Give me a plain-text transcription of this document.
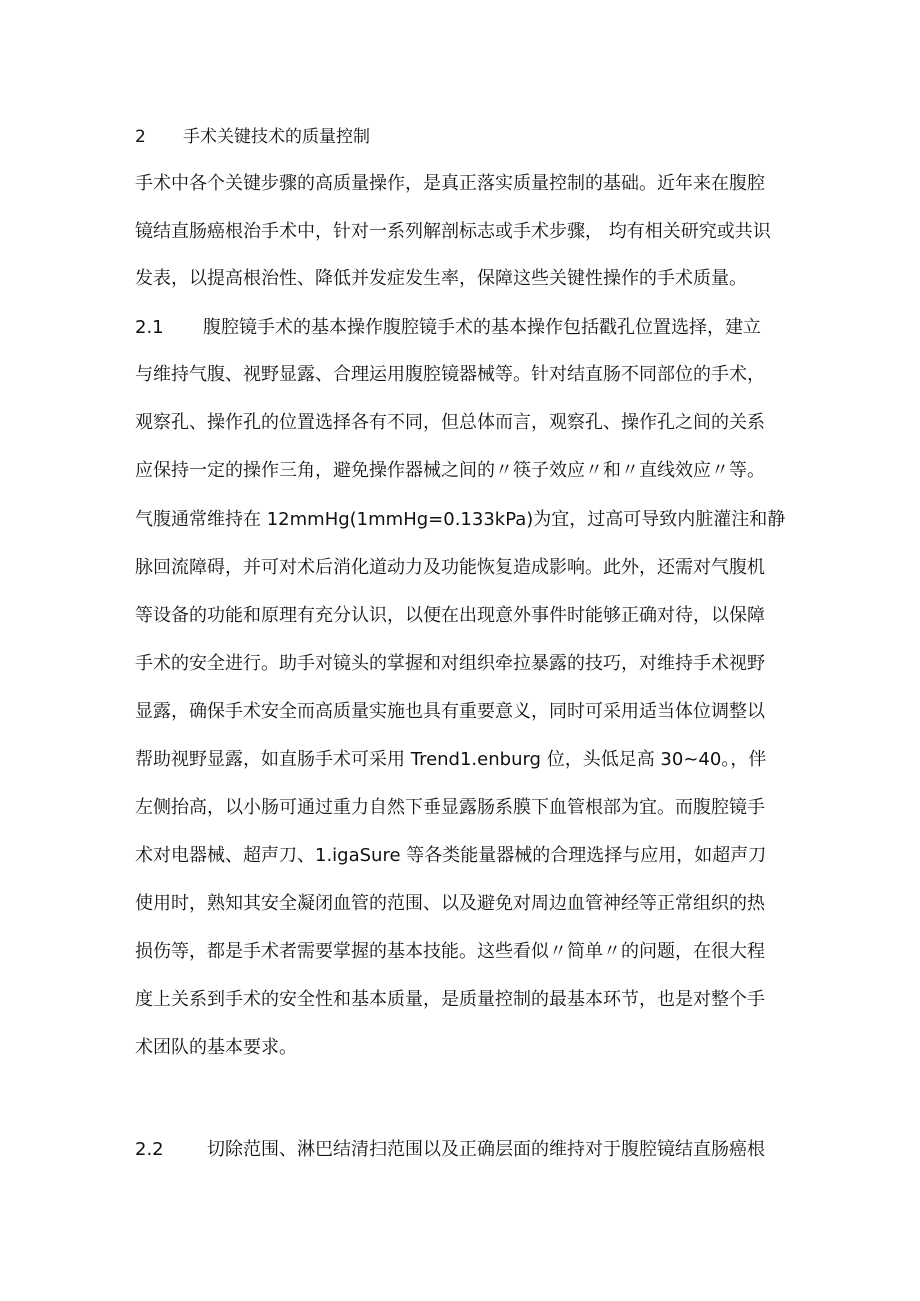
2 手术关键技术的质量控制
手术中各个关键步骤的高质量操作，是真正落实质量控制的基础。近年来在腹腔
镜结直肠癌根治手术中，针对一系列解剖标志或手术步骤， 均有相关研究或共识
发表，以提高根治性、降低并发症发生率，保障这些关键性操作的手术质量。
2.1 腹腔镜手术的基本操作腹腔镜手术的基本操作包括戳孔位置选择，建立
与维持气腹、视野显露、合理运用腹腔镜器械等。针对结直肠不同部位的手术，
观察孔、操作孔的位置选择各有不同，但总体而言，观察孔、操作孔之间的关系
应保持一定的操作三角，避免操作器械之间的〃筷子效应〃和〃直线效应〃等。
气腹通常维持在 12mmHg(1mmHg=0.133kPa)为宜，过高可导致内脏灌注和静
脉回流障碍，并可对术后消化道动力及功能恢复造成影响。此外，还需对气腹机
等设备的功能和原理有充分认识，以便在出现意外事件时能够正确对待，以保障
手术的安全进行。助手对镜头的掌握和对组织牵拉暴露的技巧，对维持手术视野
显露，确保手术安全而高质量实施也具有重要意义，同时可采用适当体位调整以
帮助视野显露，如直肠手术可采用 Trend1.enburg 位，头低足高 30~40。，伴
左侧抬高，以小肠可通过重力自然下垂显露肠系膜下血管根部为宜。而腹腔镜手
术对电器械、超声刀、1.igaSure 等各类能量器械的合理选择与应用，如超声刀
使用时，熟知其安全凝闭血管的范围、以及避免对周边血管神经等正常组织的热
损伤等，都是手术者需要掌握的基本技能。这些看似〃简单〃的问题，在很大程
度上关系到手术的安全性和基本质量，是质量控制的最基本环节，也是对整个手
术团队的基本要求。
2.2 切除范围、淋巴结清扫范围以及正确层面的维持对于腹腔镜结直肠癌根
